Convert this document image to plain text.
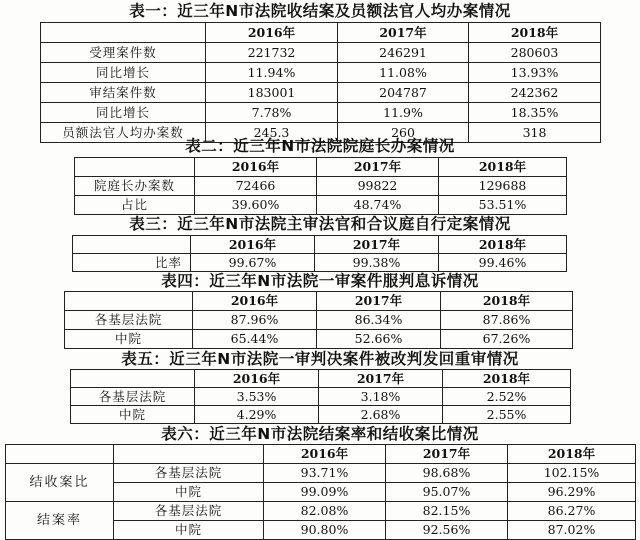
表一：近三年N市法院收结案及员额法官人均办案情况
	2016年	2017年	2018年
受理案件数	221732	246291	280603
同比增长	11.94%	11.08%	13.93%
审结案件数	183001	204787	242362
同比增长	7.78%	11.9%	18.35%
员额法官人均办案数	245.3	260	318
表二：近三年N市法院院庭长办案情况
	2016年	2017年	2018年
院庭长办案数	72466	99822	129688
占比	39.60%	48.74%	53.51%
表三：近三年N市法院主审法官和合议庭自行定案情况
	2016年	2017年	2018年
比率	99.67%	99.38%	99.46%
表四：近三年N市法院一审案件服判息诉情况
	2016年	2017年	2018年
各基层法院	87.96%	86.34%	87.86%
中院	65.44%	52.66%	67.26%
表五：近三年N市法院一审判决案件被改判发回重审情况
	2016年	2017年	2018年
各基层法院	3.53%	3.18%	2.52%
中院	4.29%	2.68%	2.55%
表六：近三年N市法院结案率和结收案比情况
		2016年	2017年	2018年
结收案比	各基层法院	93.71%	98.68%	102.15%
	中院	99.09%	95.07%	96.29%
结案率	各基层法院	82.08%	82.15%	86.27%
	中院	90.80%	92.56%	87.02%
